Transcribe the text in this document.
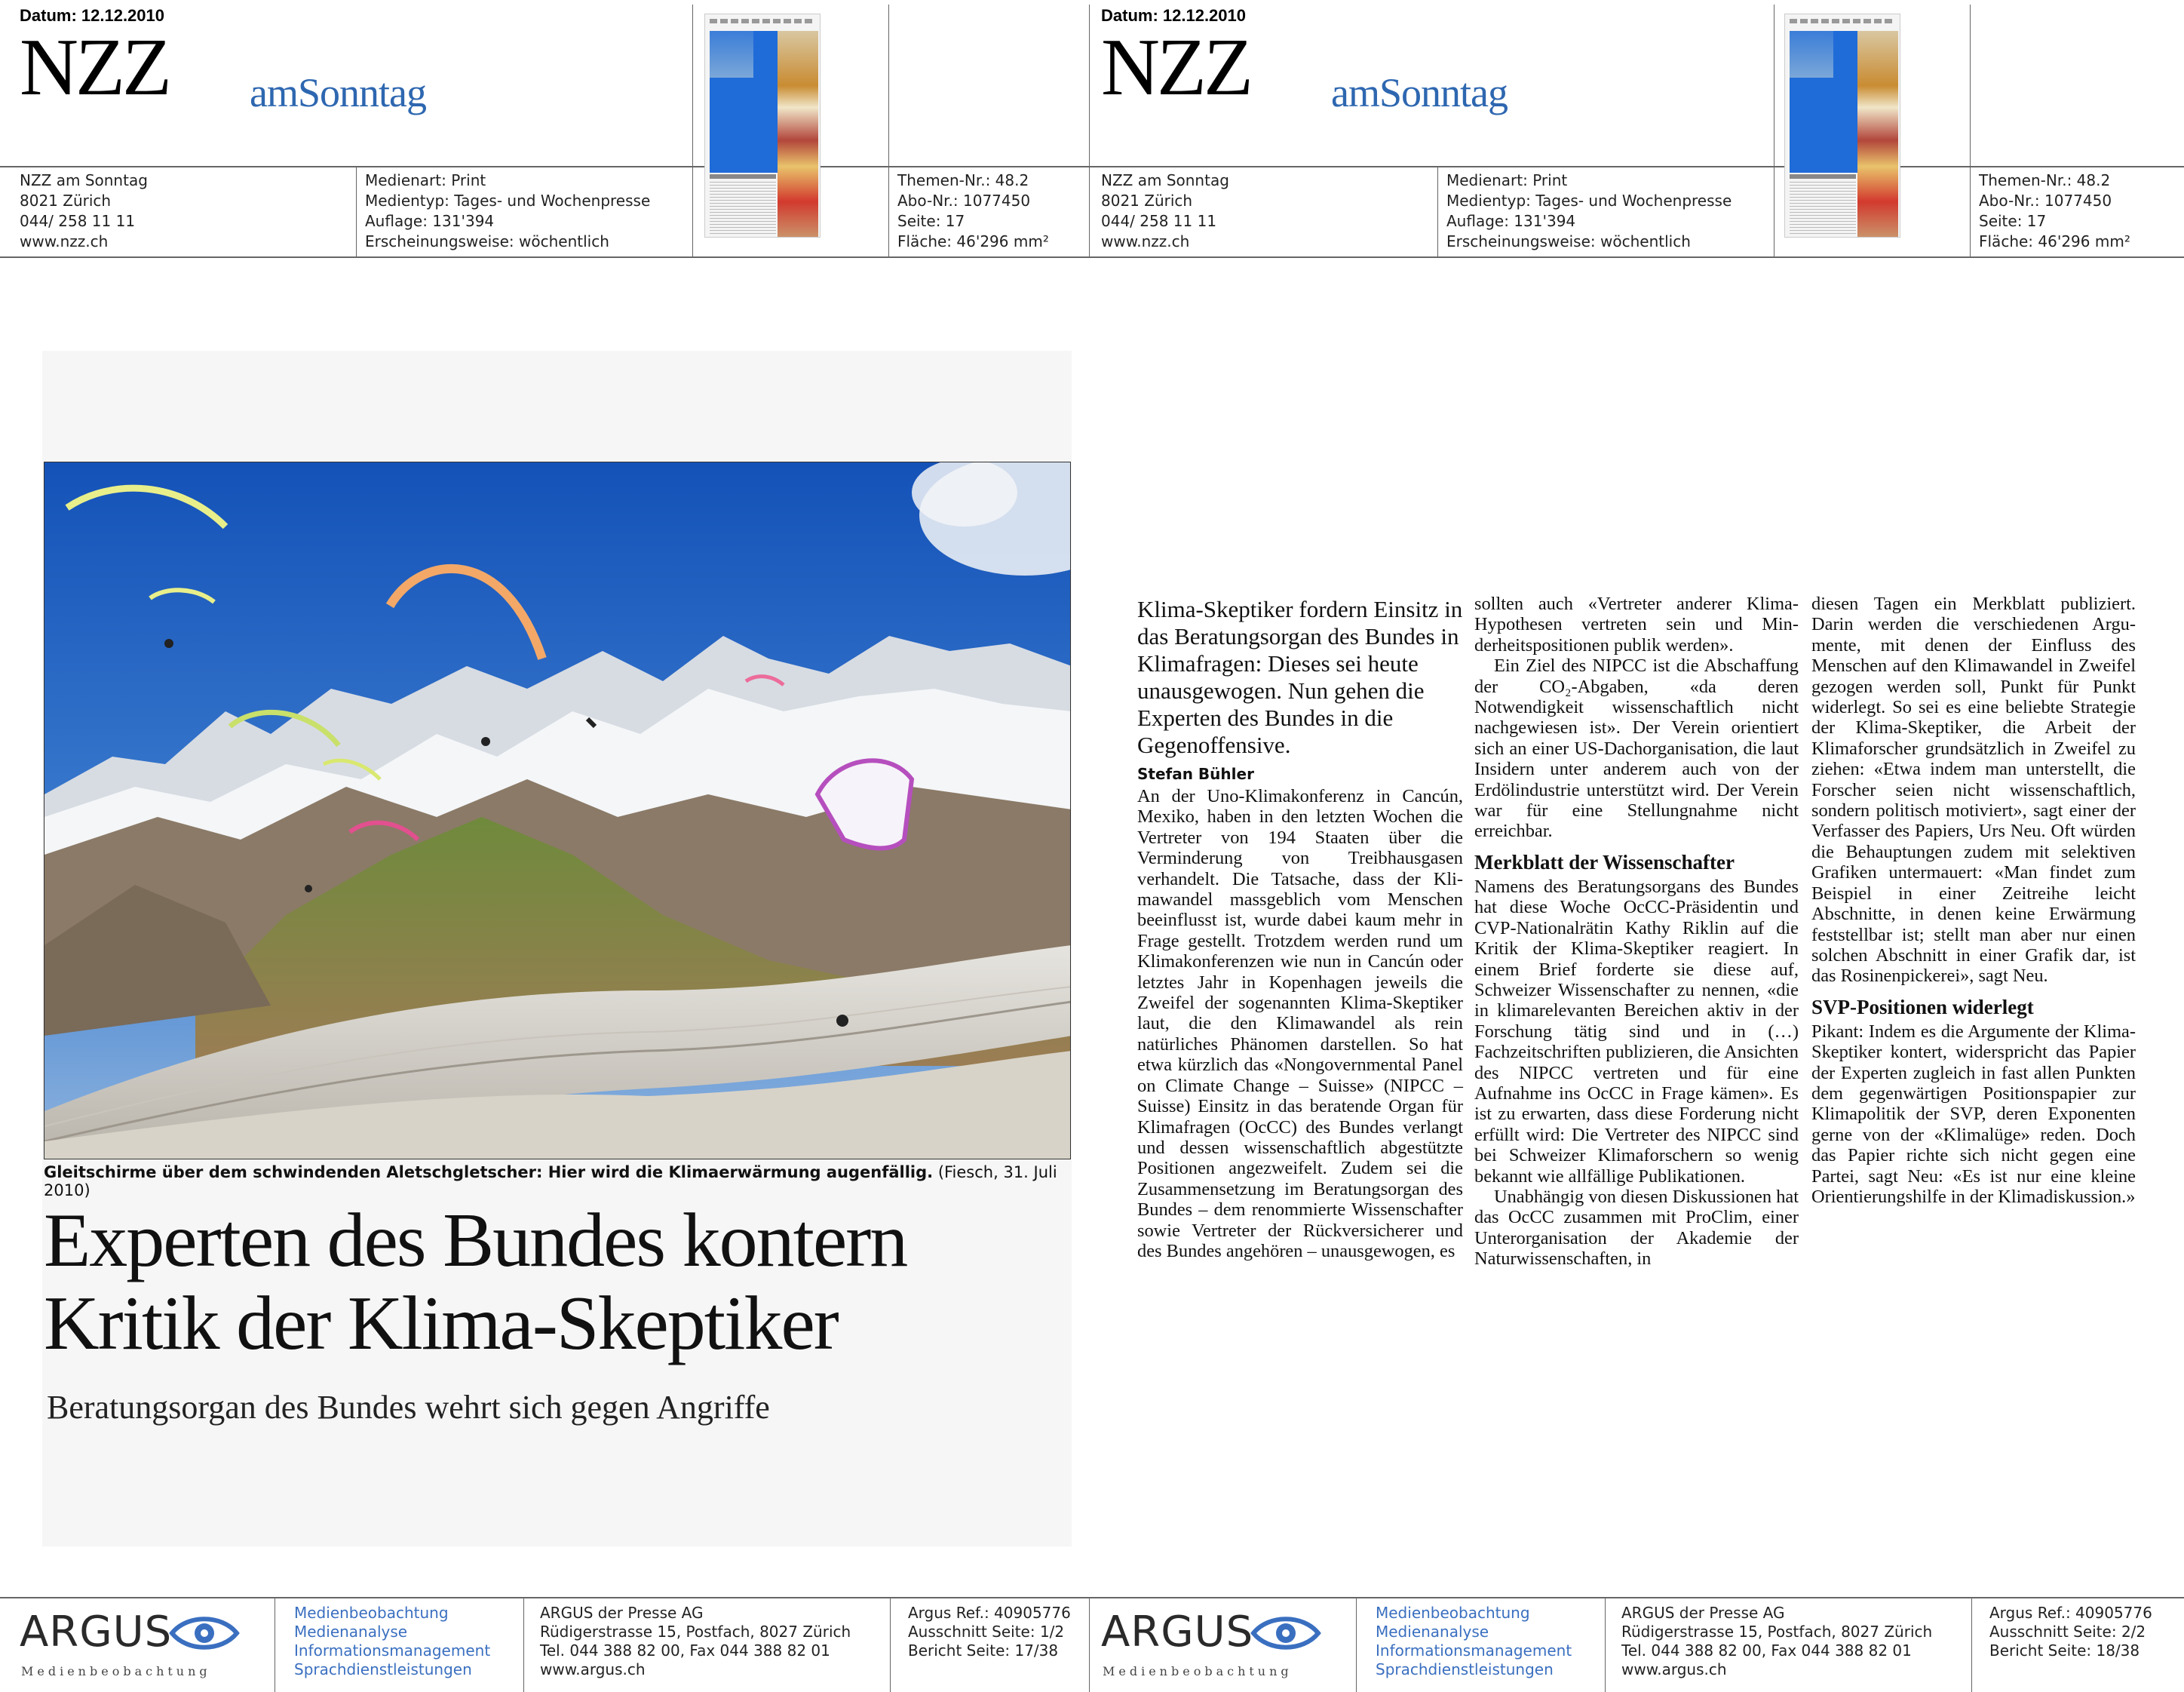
Datum: 12.12.2010
NZZ amSonntag
NZZ am Sonntag
8021 Zürich
044/ 258 11 11
www.nzz.ch
Medienart: Print
Medientyp: Tages- und Wochenpresse
Auflage: 131'394
Erscheinungsweise: wöchentlich
Themen-Nr.: 48.2
Abo-Nr.: 1077450
Seite: 17
Fläche: 46'296 mm²
Datum: 12.12.2010
NZZ amSonntag
NZZ am Sonntag
8021 Zürich
044/ 258 11 11
www.nzz.ch
Medienart: Print
Medientyp: Tages- und Wochenpresse
Auflage: 131'394
Erscheinungsweise: wöchentlich
Themen-Nr.: 48.2
Abo-Nr.: 1077450
Seite: 17
Fläche: 46'296 mm²
Gleitschirme über dem schwindenden Aletschgletscher: Hier wird die Klimaerwärmung augenfällig. (Fiesch, 31. Juli 2010)
Experten des Bundes kontern
Kritik der Klima-Skeptiker
Beratungsorgan des Bundes wehrt sich gegen Angriffe
Klima-Skeptiker fordern Einsitz in das Beratungsorgan des Bundes in Klimafragen: Dieses sei heute unausgewogen. Nun gehen die Experten des Bundes in die Gegenoffensive.
Stefan Bühler

An der Uno-Klimakonferenz in Cancún, Mexiko, haben in den letzten Wochen die Vertreter von 194 Staaten über die Verminderung von Treibhausgasen verhandelt. Die Tatsache, dass der Klimawandel massgeblich vom Menschen beeinflusst ist, wurde dabei kaum mehr in Frage gestellt. Trotzdem werden rund um Klimakonferenzen wie nun in Cancún oder letztes Jahr in Kopenhagen jeweils die Zweifel der sogenannten Klima-Skeptiker laut, die den Klimawandel als rein natürliches Phänomen darstellen. So hat etwa kürzlich das «Nongovernmental Panel on Climate Change – Suisse» (NIPCC – Suisse) Einsitz in das beratende Organ für Klimafragen (OcCC) des Bundes verlangt und dessen wissenschaftlich abgestützte Positionen angezweifelt. Zudem sei die Zusammensetzung im Beratungsorgan des Bundes – dem renommierte Wissenschafter sowie Vertreter der Rückversicherer und des Bundes angehören – unausgewogen, es

sollten auch «Vertreter anderer Klima-Hypothesen vertreten sein und Minderheitspositionen publik werden».

Ein Ziel des NIPCC ist die Abschaffung der CO₂-Abgaben, «da deren Notwendigkeit wissenschaftlich nicht nachgewiesen ist». Der Verein orientiert sich an einer US-Dachorganisation, die laut Insidern unter anderem auch von der Erdölindustrie unterstützt wird. Der Verein war für eine Stellungnahme nicht erreichbar.

Merkblatt der Wissenschafter

Namens des Beratungsorgans des Bundes hat diese Woche OcCC-Präsidentin und CVP-Nationalrätin Kathy Riklin auf die Kritik der Klima-Skeptiker reagiert. In einem Brief forderte sie diese auf, Schweizer Wissenschafter zu nennen, «die in klimarelevanten Bereichen aktiv in der Forschung tätig sind und in (…) Fachzeitschriften publizieren, die Ansichten des NIPCC vertreten und für eine Aufnahme ins OcCC in Frage kämen». Es ist zu erwarten, dass diese Forderung nicht erfüllt wird: Die Vertreter des NIPCC sind bei Schweizer Klimaforschern so wenig bekannt wie allfällige Publikationen.

Unabhängig von diesen Diskussionen hat das OcCC zusammen mit ProClim, einer Unterorganisation der Akademie der Naturwissenschaften, in

diesen Tagen ein Merkblatt publiziert. Darin werden die verschiedenen Argumente, mit denen der Einfluss des Menschen auf den Klimawandel in Zweifel gezogen werden soll, Punkt für Punkt widerlegt. So sei es eine beliebte Strategie der Klima-Skeptiker, die Arbeit der Klimaforscher grundsätzlich in Zweifel zu ziehen: «Etwa indem man unterstellt, die Forscher seien nicht wissenschaftlich, sondern politisch motiviert», sagt einer der Verfasser des Papiers, Urs Neu. Oft würden die Behauptungen zudem mit selektiven Grafiken untermauert: «Man findet zum Beispiel in einer Zeitreihe leicht Abschnitte, in denen keine Erwärmung feststellbar ist; stellt man aber nur einen solchen Abschnitt in einer Grafik dar, ist das Rosinenpickerei», sagt Neu.

SVP-Positionen widerlegt

Pikant: Indem es die Argumente der Klima-Skeptiker kontert, widerspricht das Papier der Experten zugleich in fast allen Punkten dem gegenwärtigen Positionspapier zur Klimapolitik der SVP, deren Exponenten gerne von der «Klimalüge» reden. Doch das Papier richte sich nicht gegen eine Partei, sagt Neu: «Es ist nur eine kleine Orientierungshilfe in der Klimadiskussion.»

ARGUS
Medienbeobachtung
Medienbeobachtung
Medienanalyse
Informationsmanagement
Sprachdienstleistungen
ARGUS der Presse AG
Rüdigerstrasse 15, Postfach, 8027 Zürich
Tel. 044 388 82 00, Fax 044 388 82 01
www.argus.ch
Argus Ref.: 40905776
Ausschnitt Seite: 1/2
Bericht Seite: 17/38 ARGUS
Medienbeobachtung
Medienbeobachtung
Medienanalyse
Informationsmanagement
Sprachdienstleistungen
ARGUS der Presse AG
Rüdigerstrasse 15, Postfach, 8027 Zürich
Tel. 044 388 82 00, Fax 044 388 82 01
www.argus.ch
Argus Ref.: 40905776
Ausschnitt Seite: 2/2
Bericht Seite: 18/38
